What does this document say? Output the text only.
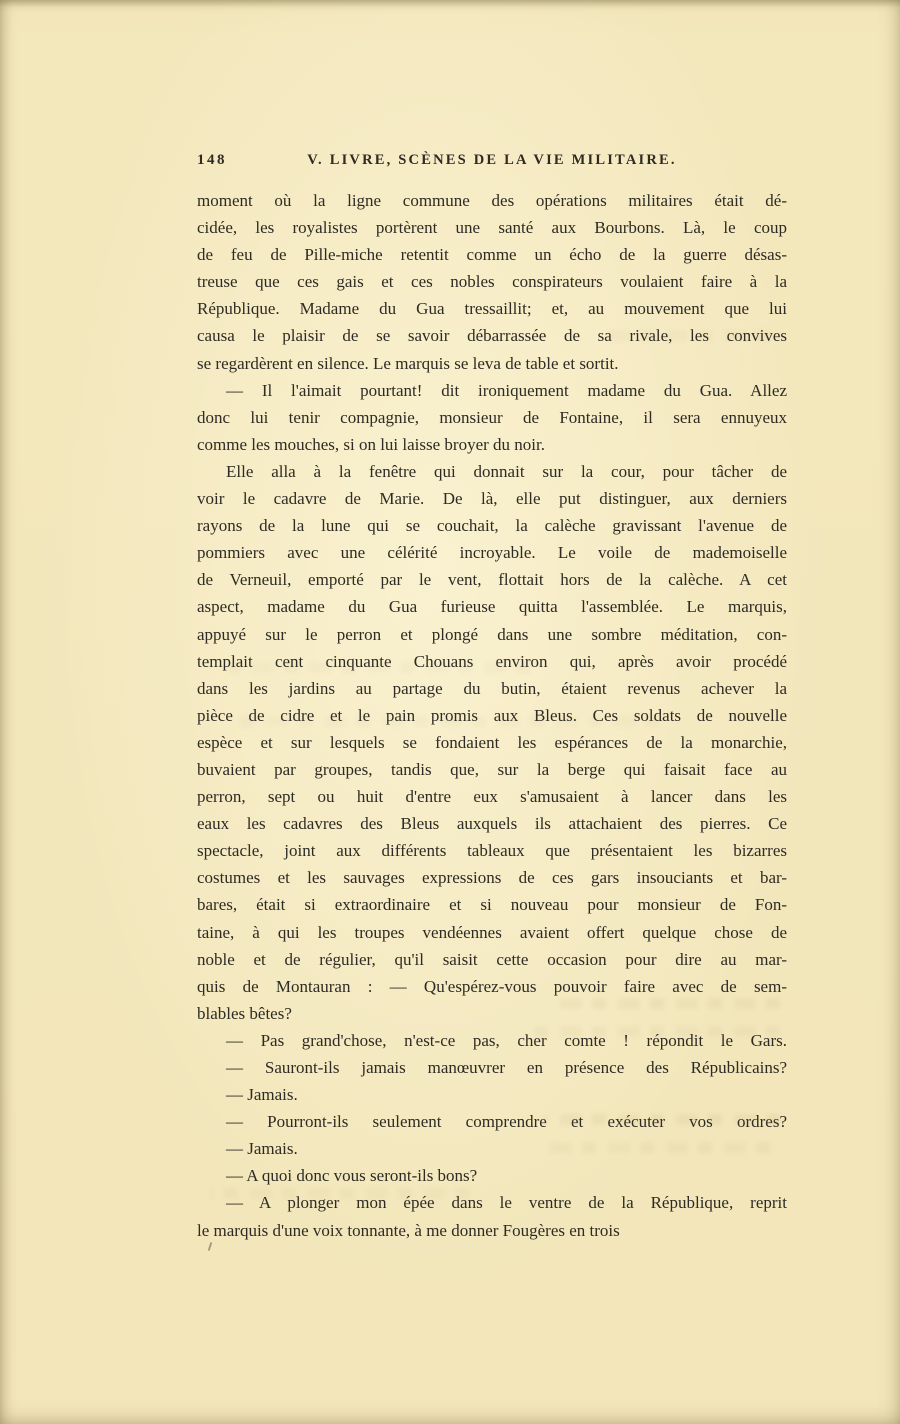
148	V. LIVRE, SCÈNES DE LA VIE MILITAIRE.
moment où la ligne commune des opérations militaires était dé-
cidée, les royalistes portèrent une santé aux Bourbons. Là, le coup
de feu de Pille-miche retentit comme un écho de la guerre désas-
treuse que ces gais et ces nobles conspirateurs voulaient faire à la
République. Madame du Gua tressaillit; et, au mouvement que lui
causa le plaisir de se savoir débarrassée de sa rivale, les convives
se regardèrent en silence. Le marquis se leva de table et sortit.
— Il l'aimait pourtant! dit ironiquement madame du Gua. Allez
donc lui tenir compagnie, monsieur de Fontaine, il sera ennuyeux
comme les mouches, si on lui laisse broyer du noir.
Elle alla à la fenêtre qui donnait sur la cour, pour tâcher de
voir le cadavre de Marie. De là, elle put distinguer, aux derniers
rayons de la lune qui se couchait, la calèche gravissant l'avenue de
pommiers avec une célérité incroyable. Le voile de mademoiselle
de Verneuil, emporté par le vent, flottait hors de la calèche. A cet
aspect, madame du Gua furieuse quitta l'assemblée. Le marquis,
appuyé sur le perron et plongé dans une sombre méditation, con-
templait cent cinquante Chouans environ qui, après avoir procédé
dans les jardins au partage du butin, étaient revenus achever la
pièce de cidre et le pain promis aux Bleus. Ces soldats de nouvelle
espèce et sur lesquels se fondaient les espérances de la monarchie,
buvaient par groupes, tandis que, sur la berge qui faisait face au
perron, sept ou huit d'entre eux s'amusaient à lancer dans les
eaux les cadavres des Bleus auxquels ils attachaient des pierres. Ce
spectacle, joint aux différents tableaux que présentaient les bizarres
costumes et les sauvages expressions de ces gars insouciants et bar-
bares, était si extraordinaire et si nouveau pour monsieur de Fon-
taine, à qui les troupes vendéennes avaient offert quelque chose de
noble et de régulier, qu'il saisit cette occasion pour dire au mar-
quis de Montauran : — Qu'espérez-vous pouvoir faire avec de sem-
blables bêtes?
— Pas grand'chose, n'est-ce pas, cher comte ! répondit le Gars.
— Sauront-ils jamais manœuvrer en présence des Républicains?
— Jamais.
— Pourront-ils seulement comprendre et exécuter vos ordres?
— Jamais.
— A quoi donc vous seront-ils bons?
— A plonger mon épée dans le ventre de la République, reprit
le marquis d'une voix tonnante, à me donner Fougères en trois
